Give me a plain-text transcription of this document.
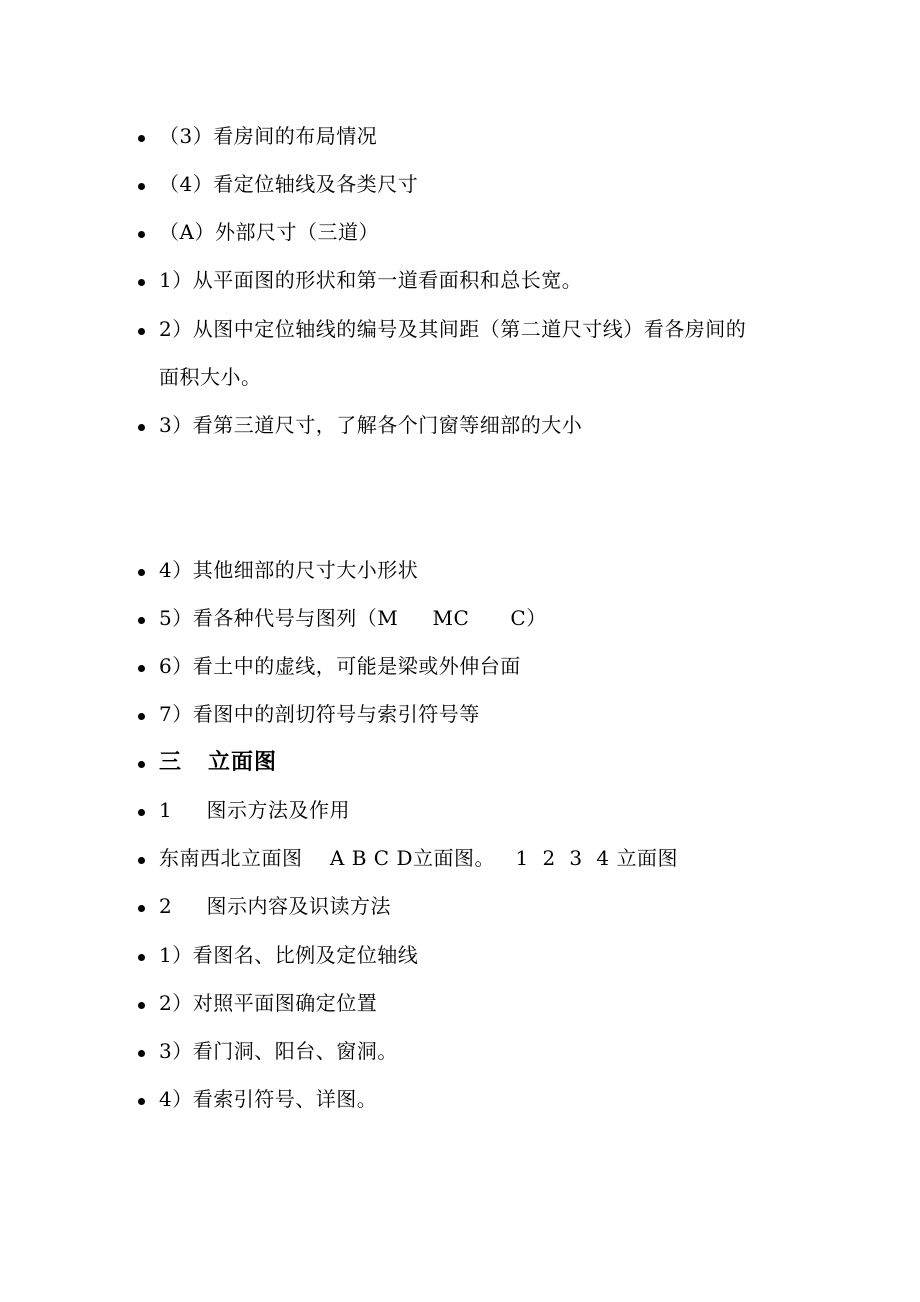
（3）看房间的布局情况

（4）看定位轴线及各类尺寸

（A）外部尺寸（三道）

1）从平面图的形状和第一道看面积和总长宽。

2）从图中定位轴线的编号及其间距（第二道尺寸线）看各房间的

面积大小。

3）看第三道尺寸，了解各个门窗等细部的大小

4）其他细部的尺寸大小形状

5）看各种代号与图列（M     MC      C）

6）看土中的虚线，可能是梁或外伸台面

7）看图中的剖切符号与索引符号等

三   立面图

1     图示方法及作用

东南西北立面图    A B C D立面图。   1  2  3  4 立面图

2     图示内容及识读方法

1）看图名、比例及定位轴线

2）对照平面图确定位置

3）看门洞、阳台、窗洞。

4）看索引符号、详图。
